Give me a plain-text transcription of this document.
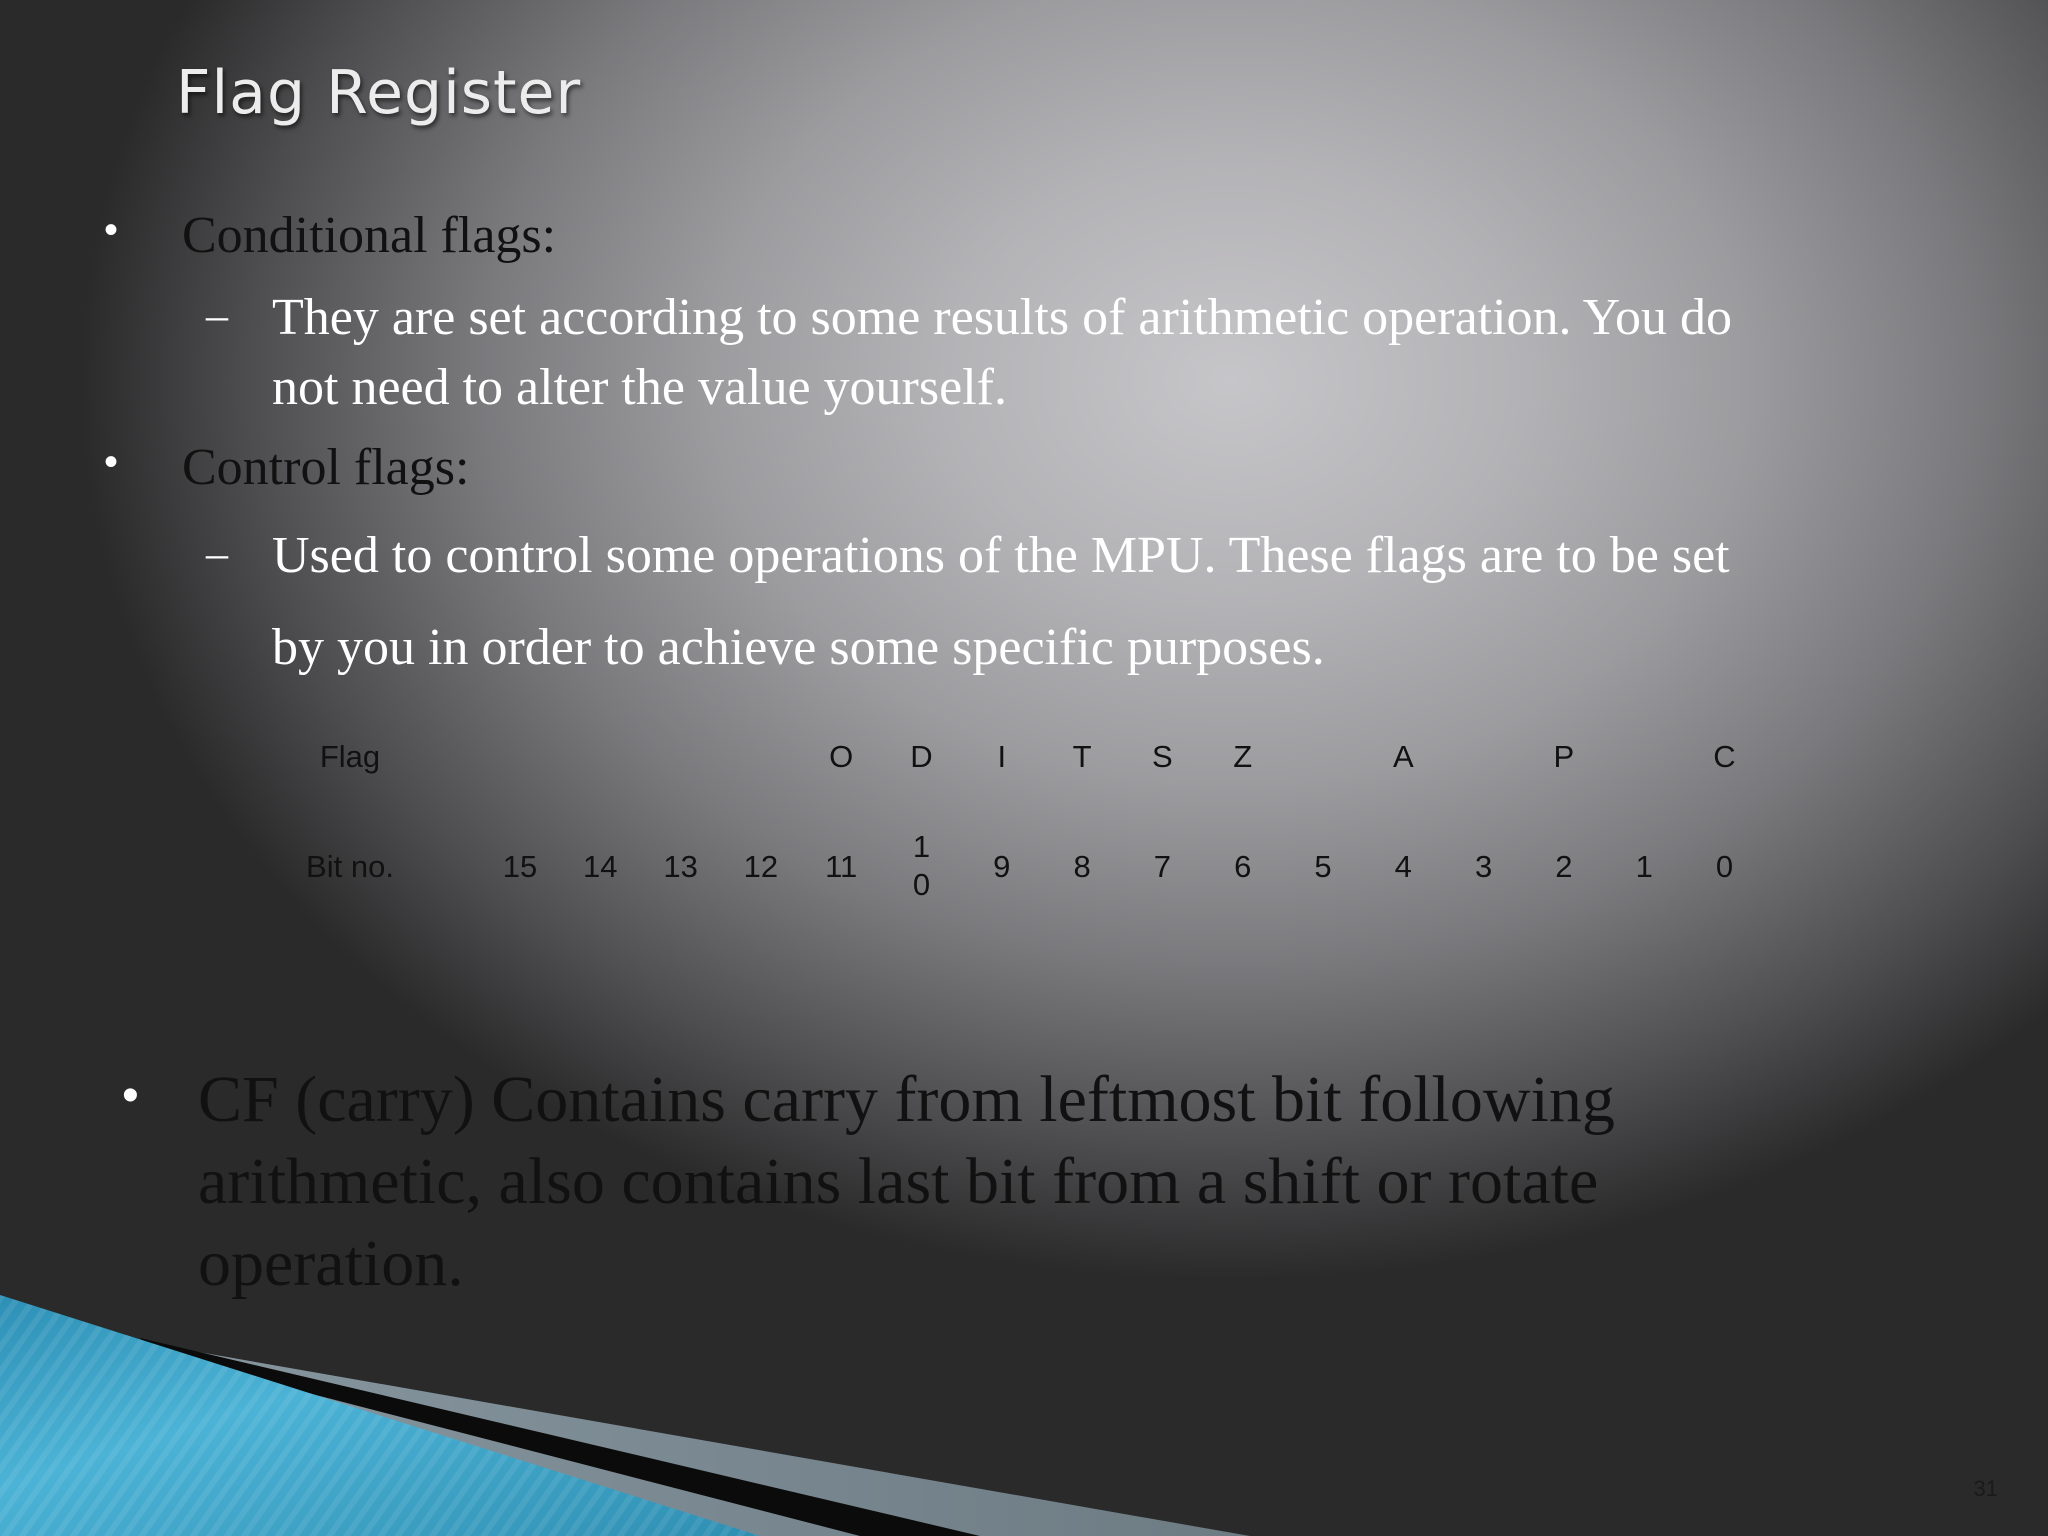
Flag Register
• Conditional flags:
– They are set according to some results of arithmetic operation. You do
not need to alter the value yourself.
• Control flags:
– Used to control some operations of the MPU. These flags are to be set
by you in order to achieve some specific purposes.
Flag
Bit no.	15 14 13 12
O
11
D
10
I
9
T
8
S
7
Z
6 5
A
4 3
P
2 1
C
0
• CF (carry) Contains carry from leftmost bit following
arithmetic, also contains last bit from a shift or rotate
operation.
31
